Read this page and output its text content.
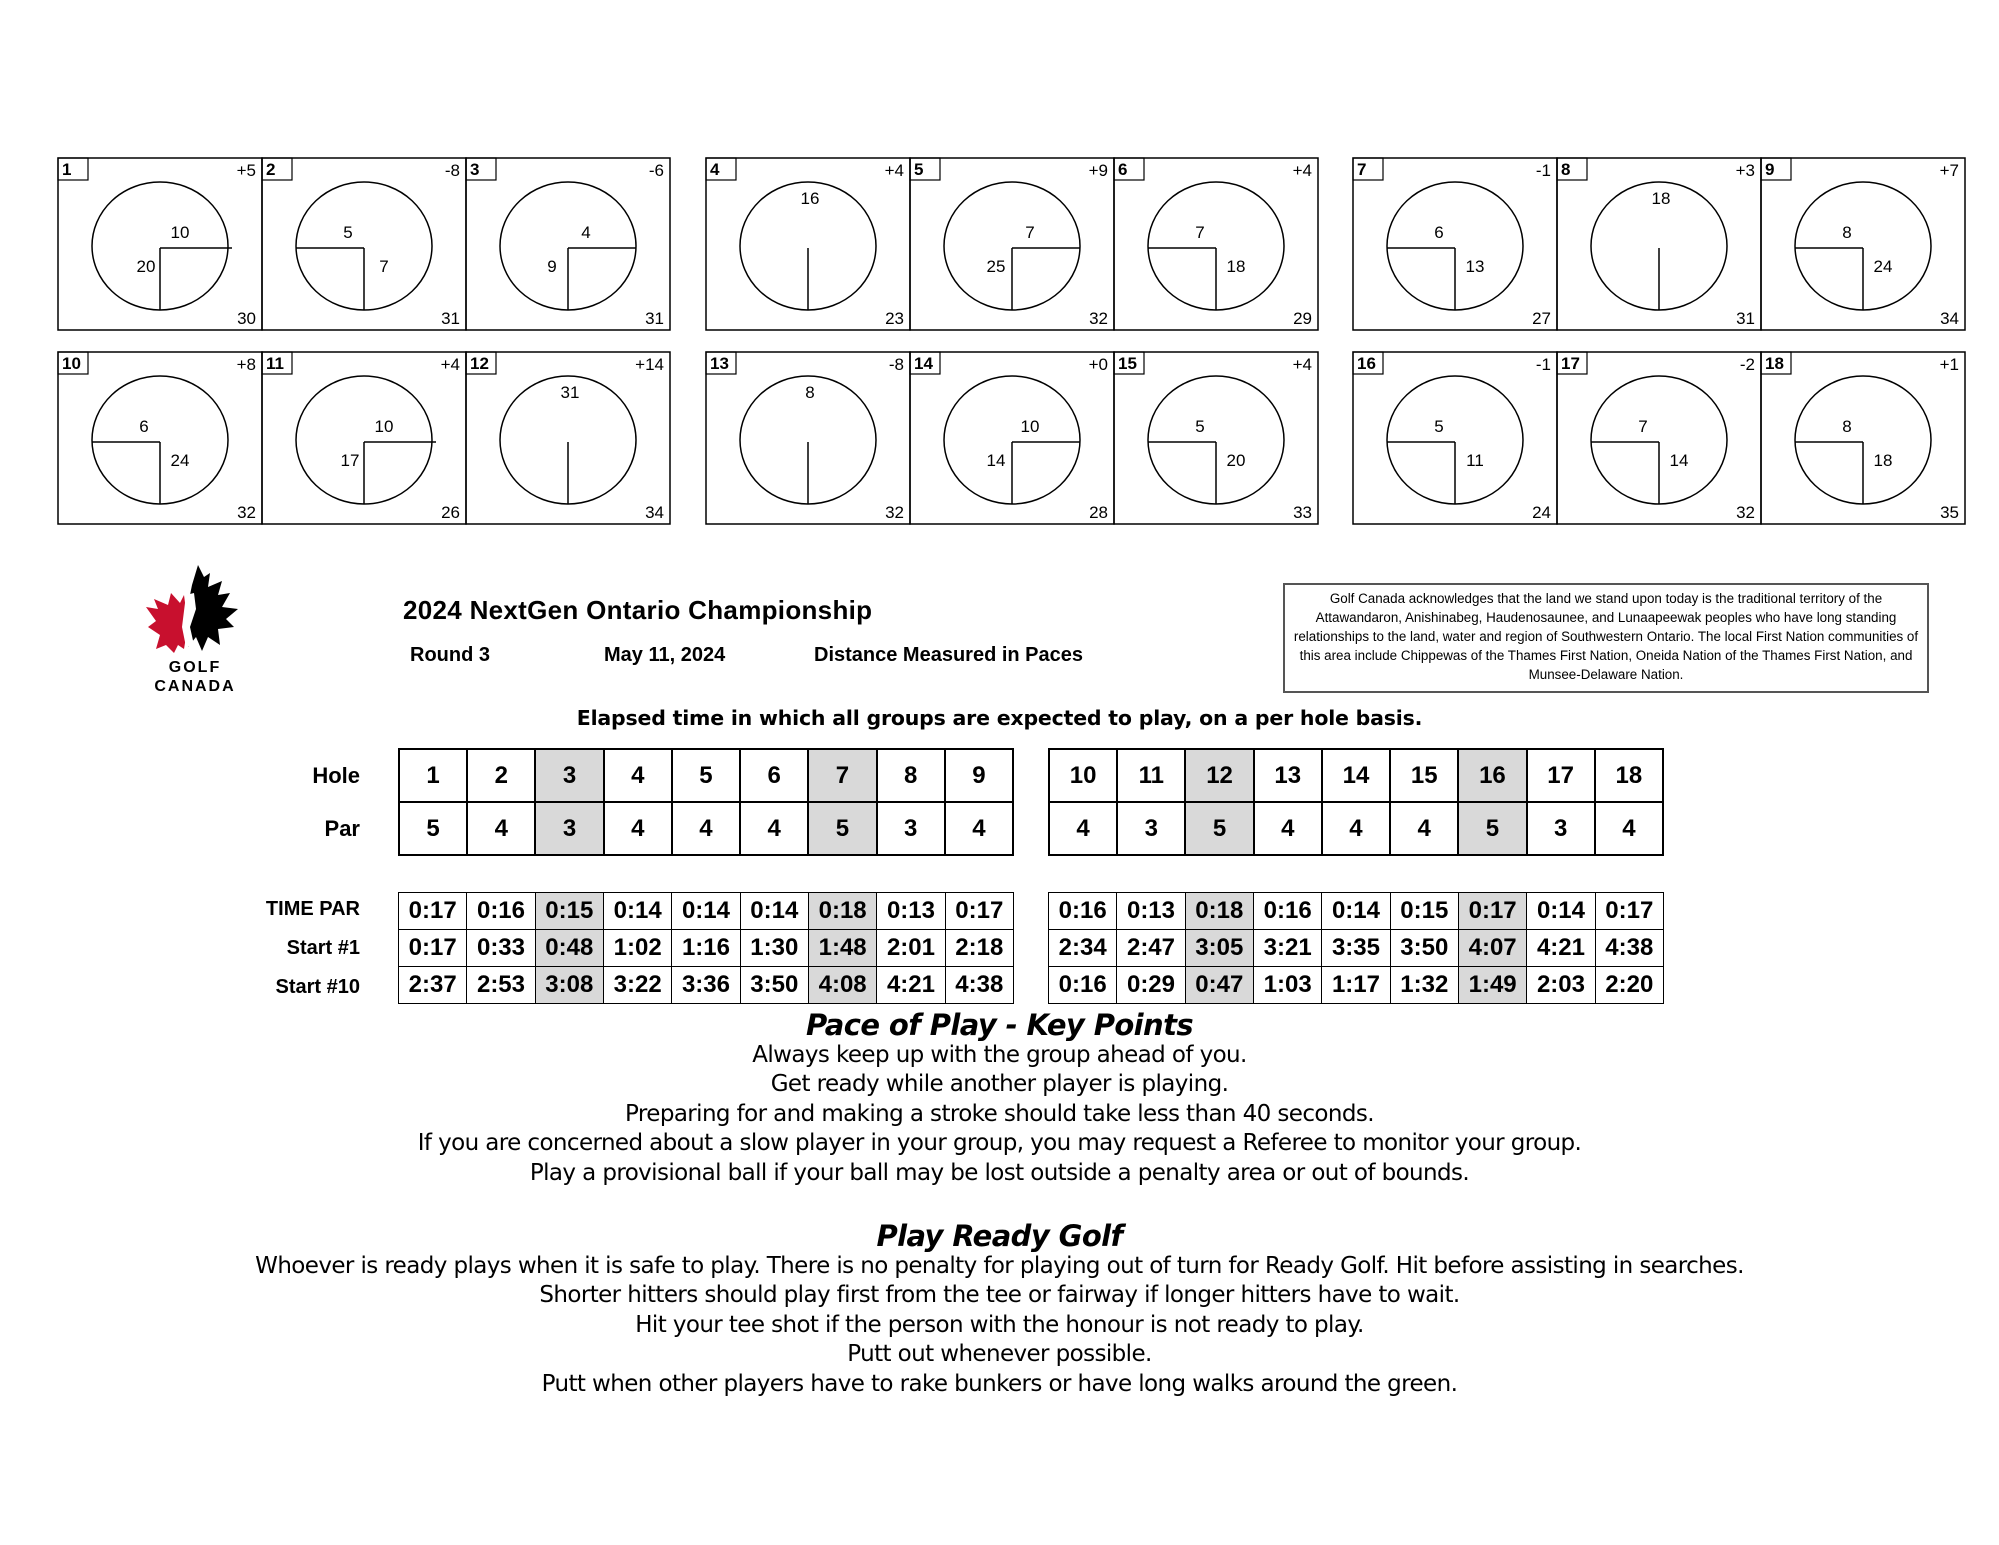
1	+5
30
10
20
2	-8
31
5
7
3	-6
31
4
9
4	+4
23
16
5	+9
32
7
25
6	+4
29
7
18
7	-1
27
6
13
8	+3
31
18
9	+7
34
8
24
10	+8
32
6
24
11	+4
26
10
17
12	+14
34
31
13	-8
32
8
14	+0
28
10
14
15	+4
33
5
20
16	-1
24
5
11
17	-2
32
7
14
18	+1
35
8
18
GOLF
CANADA
2024 NextGen Ontario Championship
Round 3	May 11, 2024	Distance Measured in Paces
Golf Canada acknowledges that the land we stand upon today is the traditional territory of the Attawandaron, Anishinabeg, Haudenosaunee, and Lunaapeewak peoples who have long standing relationships to the land, water and region of Southwestern Ontario. The local First Nation communities of this area include Chippewas of the Thames First Nation, Oneida Nation of the Thames First Nation, and Munsee-Delaware Nation.
Elapsed time in which all groups are expected to play, on a per hole basis.
Hole
Par
TIME PAR
Start #1
Start #10
1	2	3	4	5	6	7	8	9
5	4	3	4	4	4	5	3	4
10	11	12	13	14	15	16	17	18
4	3	5	4	4	4	5	3	4
0:17	0:16	0:15	0:14	0:14	0:14	0:18	0:13	0:17
0:17	0:33	0:48	1:02	1:16	1:30	1:48	2:01	2:18
2:37	2:53	3:08	3:22	3:36	3:50	4:08	4:21	4:38
0:16	0:13	0:18	0:16	0:14	0:15	0:17	0:14	0:17
2:34	2:47	3:05	3:21	3:35	3:50	4:07	4:21	4:38
0:16	0:29	0:47	1:03	1:17	1:32	1:49	2:03	2:20
Pace of Play - Key Points
Always keep up with the group ahead of you.
Get ready while another player is playing.
Preparing for and making a stroke should take less than 40 seconds.
If you are concerned about a slow player in your group, you may request a Referee to monitor your group.
Play a provisional ball if your ball may be lost outside a penalty area or out of bounds.
Play Ready Golf
Whoever is ready plays when it is safe to play. There is no penalty for playing out of turn for Ready Golf. Hit before assisting in searches.
Shorter hitters should play first from the tee or fairway if longer hitters have to wait.
Hit your tee shot if the person with the honour is not ready to play.
Putt out whenever possible.
Putt when other players have to rake bunkers or have long walks around the green.
